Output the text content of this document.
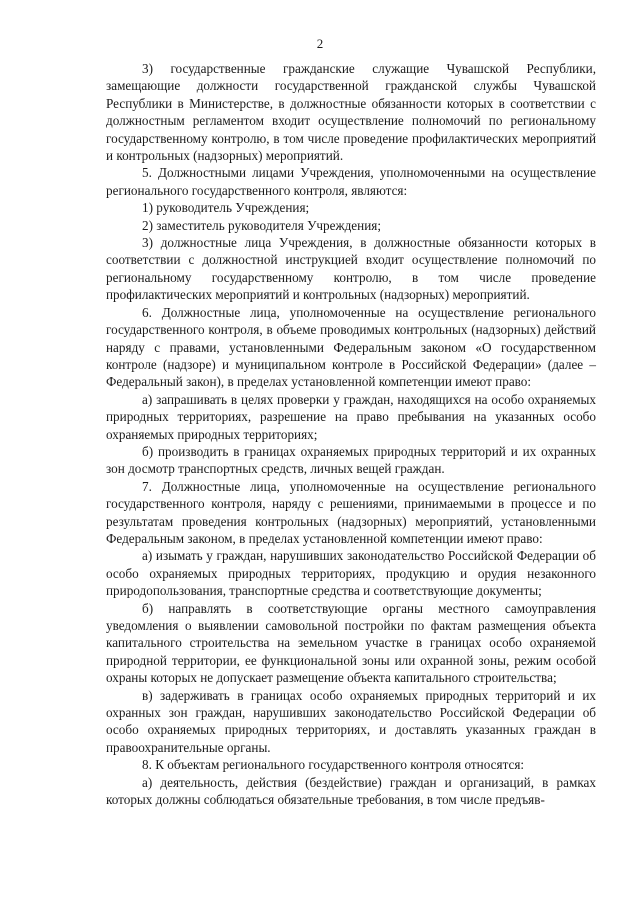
2

3) государственные гражданские служащие Чувашской Республики, замещающие должности государственной гражданской службы Чувашской Республики в Министерстве, в должностные обязанности которых в соответствии с должностным регламентом входит осуществление полномочий по региональному государственному контролю, в том числе проведение профилактических мероприятий и контрольных (надзорных) мероприятий.

5. Должностными лицами Учреждения, уполномоченными на осуществление регионального государственного контроля, являются:

1) руководитель Учреждения;

2) заместитель руководителя Учреждения;

3) должностные лица Учреждения, в должностные обязанности которых в соответствии с должностной инструкцией входит осуществление полномочий по региональному государственному контролю, в том числе проведение профилактических мероприятий и контрольных (надзорных) мероприятий.

6. Должностные лица, уполномоченные на осуществление регионального государственного контроля, в объеме проводимых контрольных (надзорных) действий наряду с правами, установленными Федеральным законом «О государственном контроле (надзоре) и муниципальном контроле в Российской Федерации» (далее – Федеральный закон), в пределах установленной компетенции имеют право:

а) запрашивать в целях проверки у граждан, находящихся на особо охраняемых природных территориях, разрешение на право пребывания на указанных особо охраняемых природных территориях;

б) производить в границах охраняемых природных территорий и их охранных зон досмотр транспортных средств, личных вещей граждан.

7. Должностные лица, уполномоченные на осуществление регионального государственного контроля, наряду с решениями, принимаемыми в процессе и по результатам проведения контрольных (надзорных) мероприятий, установленными Федеральным законом, в пределах установленной компетенции имеют право:

а) изымать у граждан, нарушивших законодательство Российской Федерации об особо охраняемых природных территориях, продукцию и орудия незаконного природопользования, транспортные средства и соответствующие документы;

б) направлять в соответствующие органы местного самоуправления уведомления о выявлении самовольной постройки по фактам размещения объекта капитального строительства на земельном участке в границах особо охраняемой природной территории, ее функциональной зоны или охранной зоны, режим особой охраны которых не допускает размещение объекта капитального строительства;

в) задерживать в границах особо охраняемых природных территорий и их охранных зон граждан, нарушивших законодательство Российской Федерации об особо охраняемых природных территориях, и доставлять указанных граждан в правоохранительные органы.

8. К объектам регионального государственного контроля относятся:

а) деятельность, действия (бездействие) граждан и организаций, в рамках которых должны соблюдаться обязательные требования, в том числе предъяв-
